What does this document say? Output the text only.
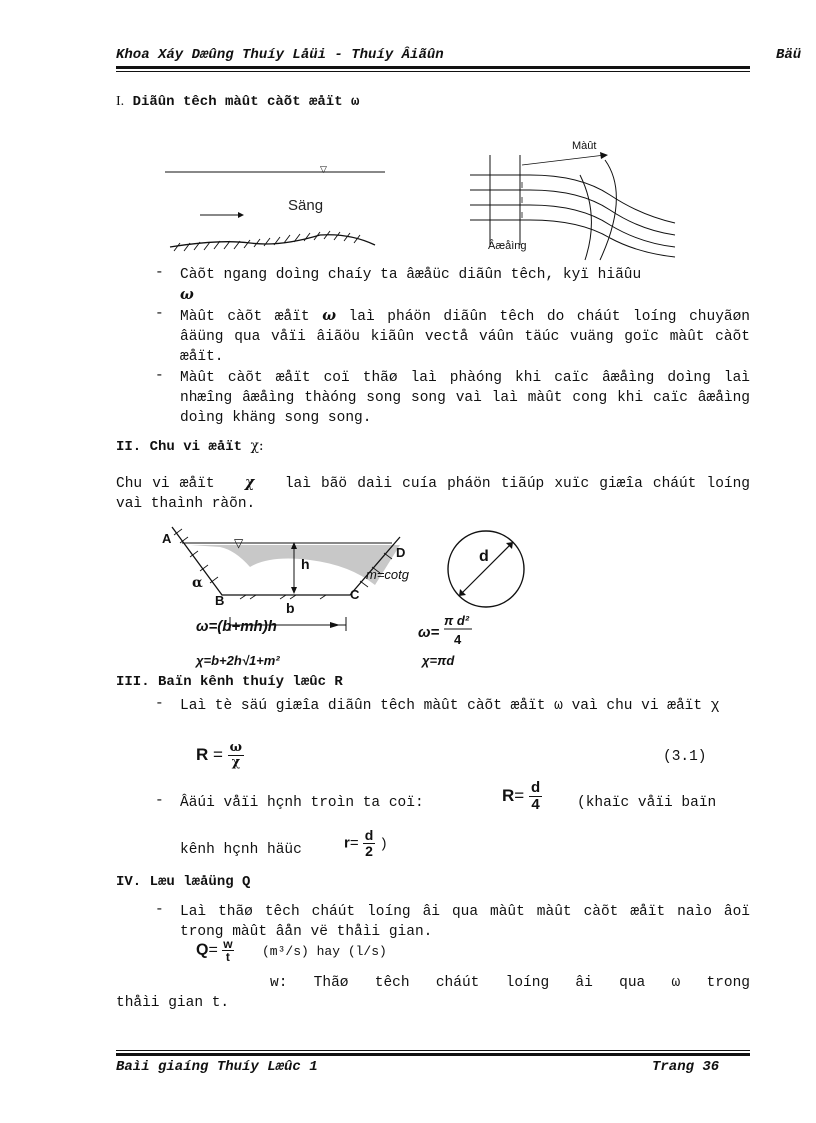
Khoa Xáy Dæûng Thuíy Låüi - Thuíy Âiãûn	Bäü
I. Diãûn têch màût càõt æåït ω
▽
Säng
Màût
Âæåìng
- Càõt ngang doìng chaíy ta âæåüc diãûn têch, kyï hiãûu
ω
- Màût càõt æåït ω laì pháön diãûn têch do cháút loíng chuyãøn âäüng qua våïi âiãöu kiãûn vectå váûn täúc vuäng goïc màût càõt æåït.
- Màût càõt æåït coï thãø laì phàóng khi caïc âæåìng doìng laì nhæîng âæåìng thàóng song song vaì laì màût cong khi caïc âæåìng doìng khäng song song.
II. Chu vi æåït χ:
Chu vi æåït χ laì bãö daìi cuía pháön tiãúp xuïc giæîa cháút loíng vaì thaình ràõn.
▽
h
b
A
B	C
D
α
m=cotg
d
ω=(b+mh)h
χ=b+2h√1+m²
ω=
π d²
4
χ=πd
III. Baïn kênh thuíy læûc R
- Laì tè säú giæîa diãûn têch màût càõt æåït ω vaì chu vi æåït χ
$R = \frac{\omega}{\chi}$	(3.1)
- Âäúi våïi hçnh troìn ta coï:	$R= \frac{d}{4}$ (khaïc våïi baïn
kênh hçnh häüc	$r= \frac{d}{2}$ )
IV. Læu læåüng Q
- Laì thãø têch cháút loíng âi qua màût màût càõt æåït naìo âoï trong màût âån vë thåìi gian.
$Q= \frac{w}{t} (m^3/s)$ hay (l/s)
w: Thãø têch cháút loíng âi qua ω trong
thåìi gian t.
Baìi giaíng Thuíy Læûc 1	Trang 36
